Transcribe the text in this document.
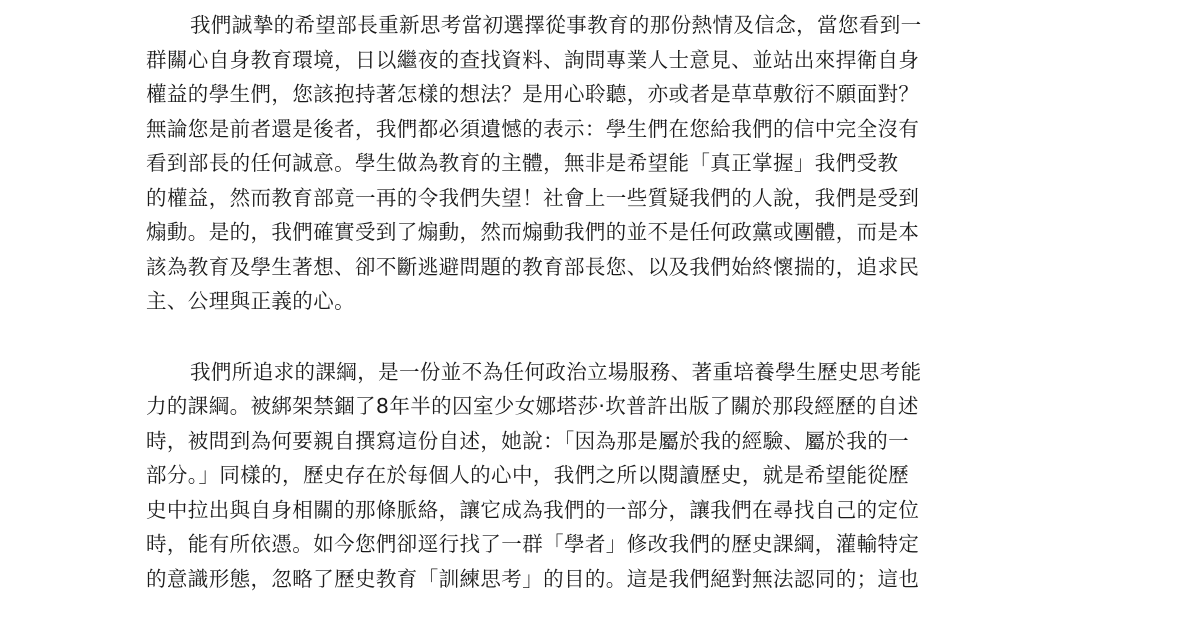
我們誠摯的希望部長重新思考當初選擇從事教育的那份熱情及信念，當您看到一
群關心自身教育環境，日以繼夜的查找資料、詢問專業人士意見、並站出來捍衛自身
權益的學生們，您該抱持著怎樣的想法？是用心聆聽，亦或者是草草敷衍不願面對？
無論您是前者還是後者，我們都必須遺憾的表示：學生們在您給我們的信中完全沒有
看到部長的任何誠意。學生做為教育的主體，無非是希望能「真正掌握」我們受教
的權益，然而教育部竟一再的令我們失望！社會上一些質疑我們的人說，我們是受到
煽動。是的，我們確實受到了煽動，然而煽動我們的並不是任何政黨或團體，而是本
該為教育及學生著想、卻不斷逃避問題的教育部長您、以及我們始終懷揣的，追求民
主、公理與正義的心。
我們所追求的課綱，是一份並不為任何政治立場服務、著重培養學生歷史思考能
力的課綱。被綁架禁錮了8年半的囚室少女娜塔莎·坎普許出版了關於那段經歷的自述
時，被問到為何要親自撰寫這份自述，她說：「因為那是屬於我的經驗、屬於我的一
部分。」同樣的，歷史存在於每個人的心中，我們之所以閱讀歷史，就是希望能從歷
史中拉出與自身相關的那條脈絡，讓它成為我們的一部分，讓我們在尋找自己的定位
時，能有所依憑。如今您們卻逕行找了一群「學者」修改我們的歷史課綱，灌輸特定
的意識形態，忽略了歷史教育「訓練思考」的目的。這是我們絕對無法認同的；這也
